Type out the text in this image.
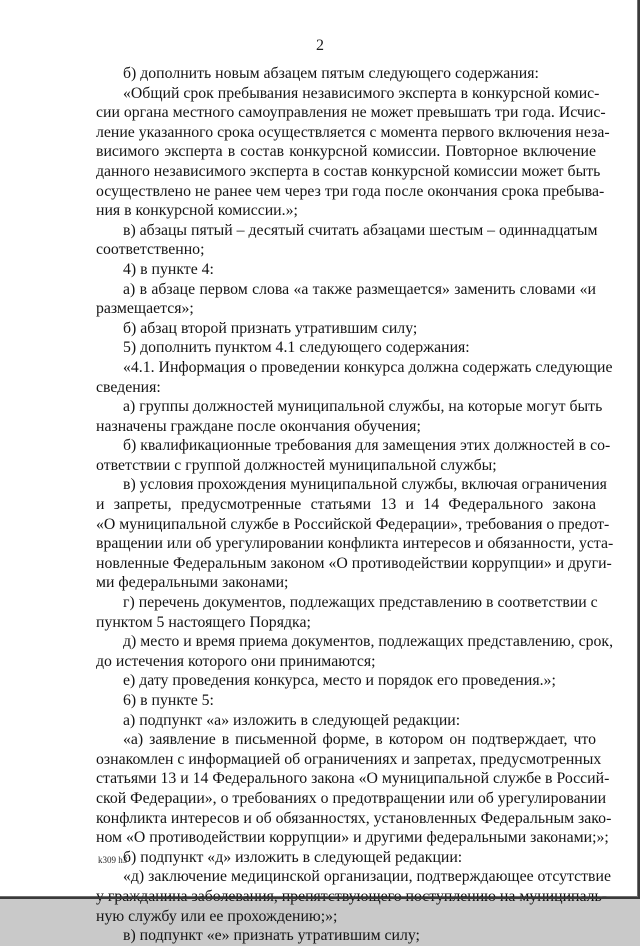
2
б) дополнить новым абзацем пятым следующего содержания:
«Общий срок пребывания независимого эксперта в конкурсной комис-
сии органа местного самоуправления не может превышать три года. Исчис-
ление указанного срока осуществляется с момента первого включения неза-
висимого эксперта в состав конкурсной комиссии. Повторное включение
данного независимого эксперта в состав конкурсной комиссии может быть
осуществлено не ранее чем через три года после окончания срока пребыва-
ния в конкурсной комиссии.»;
в) абзацы пятый – десятый считать абзацами шестым – одиннадцатым
соответственно;
4) в пункте 4:
а) в абзаце первом слова «а также размещается» заменить словами «и
размещается»;
б) абзац второй признать утратившим силу;
5) дополнить пунктом 4.1 следующего содержания:
«4.1. Информация о проведении конкурса должна содержать следующие
сведения:
а) группы должностей муниципальной службы, на которые могут быть
назначены граждане после окончания обучения;
б) квалификационные требования для замещения этих должностей в со-
ответствии с группой должностей муниципальной службы;
в) условия прохождения муниципальной службы, включая ограничения
и запреты, предусмотренные статьями 13 и 14 Федерального закона
«О муниципальной службе в Российской Федерации», требования о предот-
вращении или об урегулировании конфликта интересов и обязанности, уста-
новленные Федеральным законом «О противодействии коррупции» и други-
ми федеральными законами;
г) перечень документов, подлежащих представлению в соответствии с
пунктом 5 настоящего Порядка;
д) место и время приема документов, подлежащих представлению, срок,
до истечения которого они принимаются;
е) дату проведения конкурса, место и порядок его проведения.»;
6) в пункте 5:
а) подпункт «а» изложить в следующей редакции:
«а) заявление в письменной форме, в котором он подтверждает, что
ознакомлен с информацией об ограничениях и запретах, предусмотренных
статьями 13 и 14 Федерального закона «О муниципальной службе в Россий-
ской Федерации», о требованиях о предотвращении или об урегулировании
конфликта интересов и об обязанностях, установленных Федеральным зако-
ном «О противодействии коррупции» и другими федеральными законами;»;
б) подпункт «д» изложить в следующей редакции:
«д) заключение медицинской организации, подтверждающее отсутствие
ную службу или ее прохождению;»;
в) подпункт «е» признать утратившим силу;
k309 h3
